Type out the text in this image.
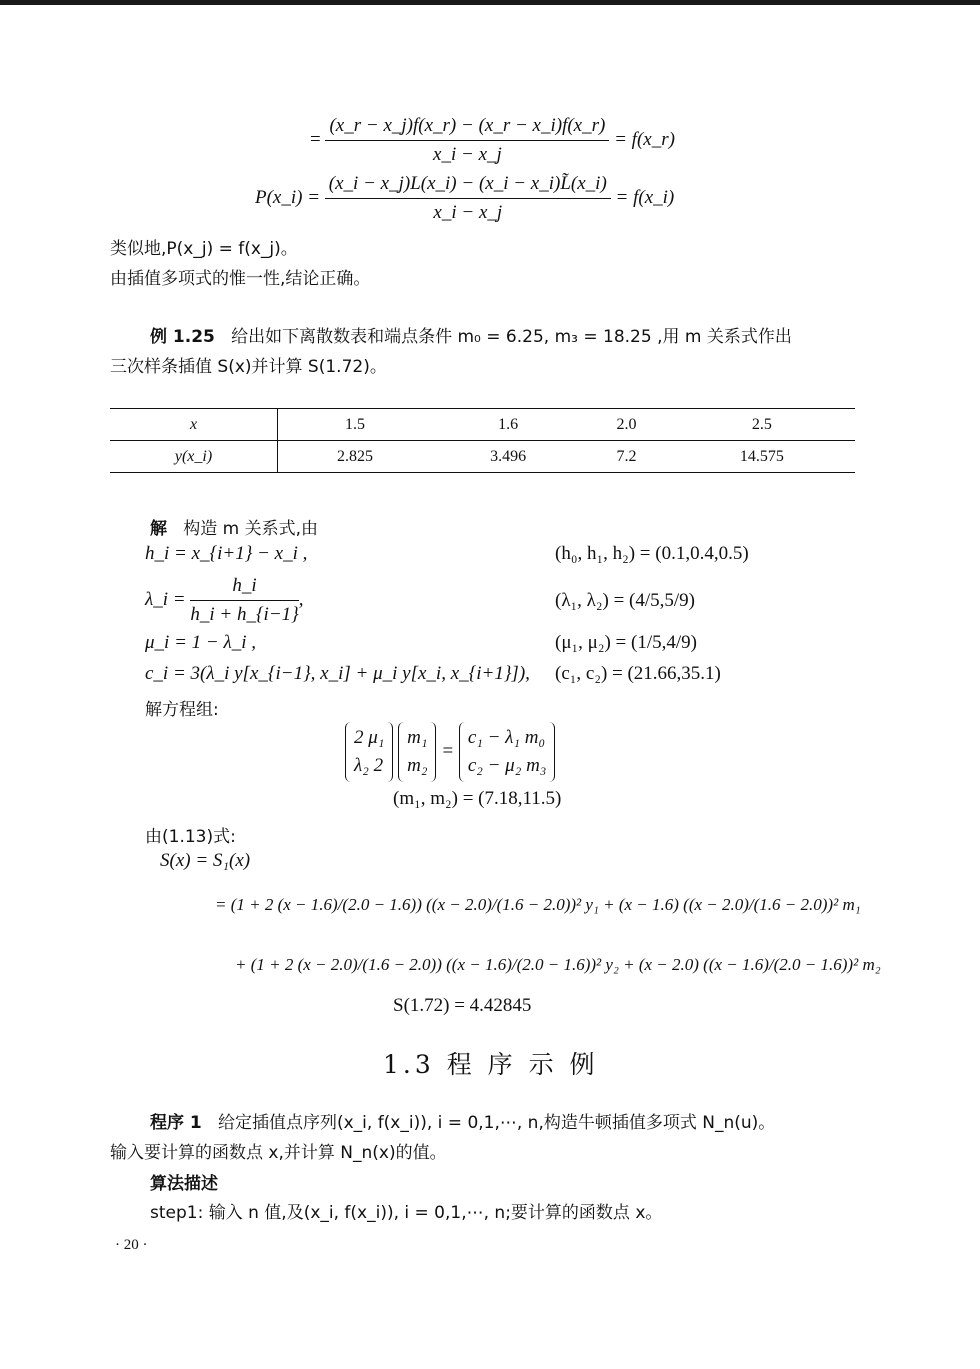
= $\frac{(x\_r - x\_j)f(x\_r) - (x\_r - x\_i)f(x\_r)}{x\_i - x\_j}$ = f(x_r)
P(x_i) = $\frac{(x\_i - x\_j)L(x\_i) - (x\_i - x\_i)L̃(x\_i)}{x\_i - x\_j}$ = f(x_i)
类似地,P(x_j) = f(x_j)。
由插值多项式的惟一性,结论正确。
例 1.25 给出如下离散数表和端点条件 m₀ = 6.25, m₃ = 18.25 ,用 m 关系式作出
三次样条插值 S(x)并计算 S(1.72)。
x	1.5	1.6	2.0	2.5
y(x_i)	2.825	3.496	7.2	14.575
解 构造 m 关系式,由
h_i = x_{i+1} − x_i ,	(h₀, h₁, h₂) = (0.1,0.4,0.5)
λ_i = $\frac{h\_i}{h\_i + h\_\{i-1\}}$ ,	(λ₁, λ₂) = (4/5,5/9)
μ_i = 1 − λ_i ,	(μ₁, μ₂) = (1/5,4/9)
c_i = 3(λ_i y[x_{i−1}, x_i] + μ_i y[x_i, x_{i+1}]), (c₁, c₂) = (21.66,35.1)
解方程组:
2 μ₁
λ₂ 2

m₁
m₂
=
c₁ − λ₁ m₀
c₂ − μ₂ m₃
(m₁, m₂) = (7.18,11.5)
由(1.13)式:
S(x) = S₁(x)
= (1 + 2 (x − 1.6)/(2.0 − 1.6)) ((x − 2.0)/(1.6 − 2.0))² y₁ + (x − 1.6) ((x − 2.0)/(1.6 − 2.0))² m₁
+ (1 + 2 (x − 2.0)/(1.6 − 2.0)) ((x − 1.6)/(2.0 − 1.6))² y₂ + (x − 2.0) ((x − 1.6)/(2.0 − 1.6))² m₂
S(1.72) = 4.42845
1.3 程 序 示 例
程序 1 给定插值点序列(x_i, f(x_i)), i = 0,1,⋯, n,构造牛顿插值多项式 N_n(u)。
输入要计算的函数点 x,并计算 N_n(x)的值。
算法描述
step1: 输入 n 值,及(x_i, f(x_i)), i = 0,1,⋯, n;要计算的函数点 x。
· 20 ·
